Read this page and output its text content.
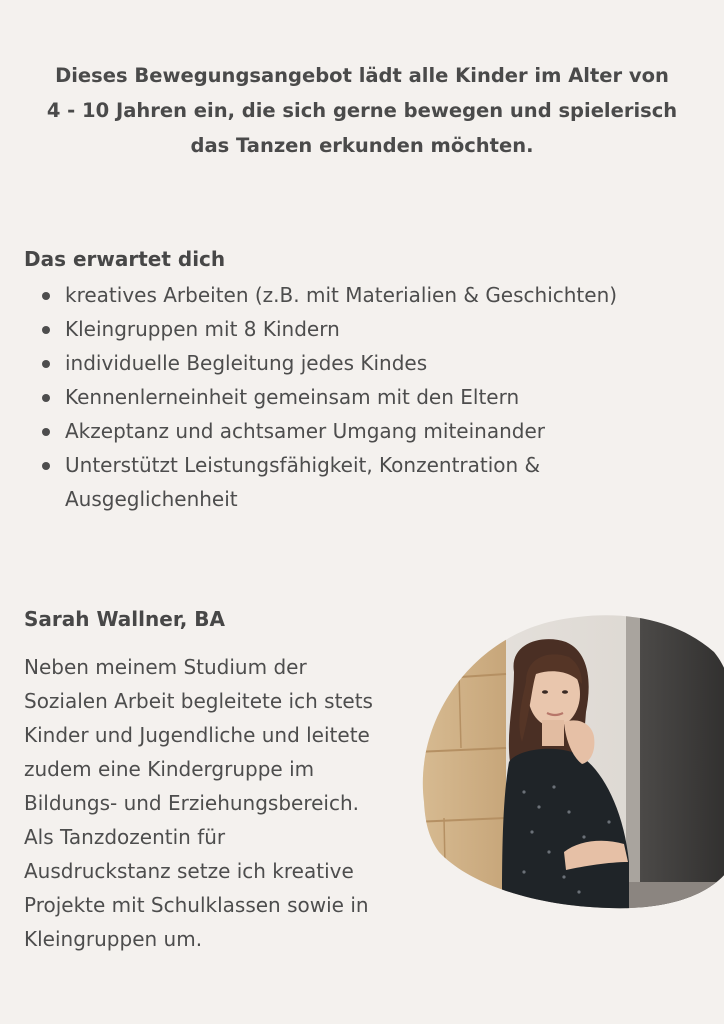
Dieses Bewegungsangebot lädt alle Kinder im Alter von
4 - 10 Jahren ein, die sich gerne bewegen und spielerisch
das Tanzen erkunden möchten.
Das erwartet dich
kreatives Arbeiten (z.B. mit Materialien & Geschichten)
Kleingruppen mit 8 Kindern
individuelle Begleitung jedes Kindes
Kennenlerneinheit gemeinsam mit den Eltern
Akzeptanz und achtsamer Umgang miteinander
Unterstützt Leistungsfähigkeit, Konzentration & Ausgeglichenheit
Sarah Wallner, BA
Neben meinem Studium der
Sozialen Arbeit begleitete ich stets
Kinder und Jugendliche und leitete
zudem eine Kindergruppe im
Bildungs- und Erziehungsbereich.
Als Tanzdozentin für
Ausdruckstanz setze ich kreative
Projekte mit Schulklassen sowie in
Kleingruppen um.
